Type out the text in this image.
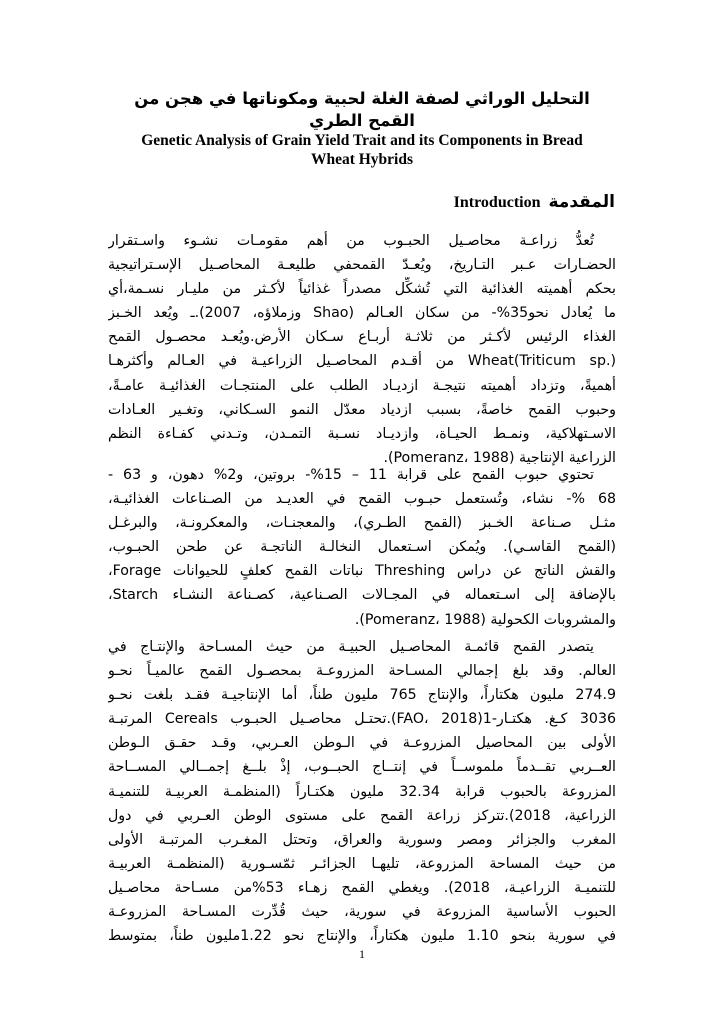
التحليل الوراثي لصفة الغلة لحبية ومكوناتها في هجن من
القمح الطري
Genetic Analysis of Grain Yield Trait and its Components in Bread
Wheat Hybrids
Introduction المقدمة
تُعدُّ زراعـة محاصـيل الحبـوب من أهم مقومـات نشـوء واسـتقرار
الحضـارات عـبر التـاريخ، ويُعـدّ القمحفي طليعـة المحاصـيل الإسـتراتيجية
بحكم أهميته الغذائية التي تُشكِّل مصدراً غذائياً لأكـثر من مليـار نسـمة،أي
ما يُعادل نحو35%- من سكان العـالم (Shao وزملاؤه، 2007).ـ ويُعد الخـبز
الغذاء الرئيس لأكـثر من ثلاثـة أربـاع سـكان الأرض.ويُعـد محصـول القمح
Wheat(Triticum sp.) من أقـدم المحاصـيل الزراعيـة في العـالم وأكثرهـا
أهميةً، وتزداد أهميته نتيجـة ازديـاد الطلب على المنتجـات الغذائيـة عامـةً،
وحبوب القمح خاصةً، بسبب ازدياد معدّل النمو السـكاني، وتغـير العـادات
الاسـتهلاكية، ونمـط الحيـاة، وازديـاد نسـبة التمـدن، وتـدني كفـاءة النظم
الزراعية الإنتاجية (Pomeranz، 1988).
تحتوي حبوب القمح على قرابة 11 – 15%- بروتين، و2% دهون، و 63 -
68 %- نشاء، وتُستعمل حبـوب القمح في العديـد من الصـناعات الغذائيـة،
مثـل صـناعة الخـبز (القمح الطـري)، والمعجنـات، والمعكرونـة، والبرغـل
(القمح القاسـي). ويُمكن اسـتعمال النخالـة الناتجـة عن طحن الحبـوب،
والقش الناتج عن دراس Threshing نباتات القمح كعلفٍ للحيوانات Forage،
بالإضافة إلى اسـتعماله في المجـالات الصـناعية، كصـناعة النشـاء Starch،
والمشروبات الكحولية (Pomeranz، 1988).
يتصدر القمح قائمـة المحاصـيل الحبيـة من حيث المسـاحة والإنتـاج في
العالم. وقد بلغ إجمالي المسـاحة المزروعـة بمحصـول القمح عالميـاً نحـو
274.9 مليون هكتاراً، والإنتاج 765 مليون طناً، أما الإنتاجيـة فقـد بلغت نحـو
3036 كـغ. هكتـار-1(FAO، 2018).تحتـل محاصـيل الحبـوب Cereals المرتبـة
الأولى بين المحاصيل المزروعـة في الـوطن العـربي، وقـد حقـق الـوطن
العــربي تقــدماً ملموســاً في إنتــاج الحبــوب، إذْ بلــغ إجمــالي المســاحة
المزروعة بالحبوب قرابة 32.34 مليون هكتـاراً (المنظمـة العربيـة للتنميـة
الزراعية، 2018).تتركز زراعة القمح على مستوى الوطن العـربي في دول
المغرب والجزائر ومصر وسورية والعراق، وتحتل المغـرب المرتبـة الأولى
من حيث المساحة المزروعة، تليهـا الجزائـر ثمّسـورية (المنظمـة العربيـة
للتنميـة الزراعيـة، 2018). ويغطي القمح زهـاء 53%من مسـاحة محاصـيل
الحبوب الأساسية المزروعة في سورية، حيث قُدِّرت المسـاحة المزروعـة
في سورية بنحو 1.10 مليون هكتاراً، والإنتاج نحو 1.22مليون طناً، بمتوسط
1
